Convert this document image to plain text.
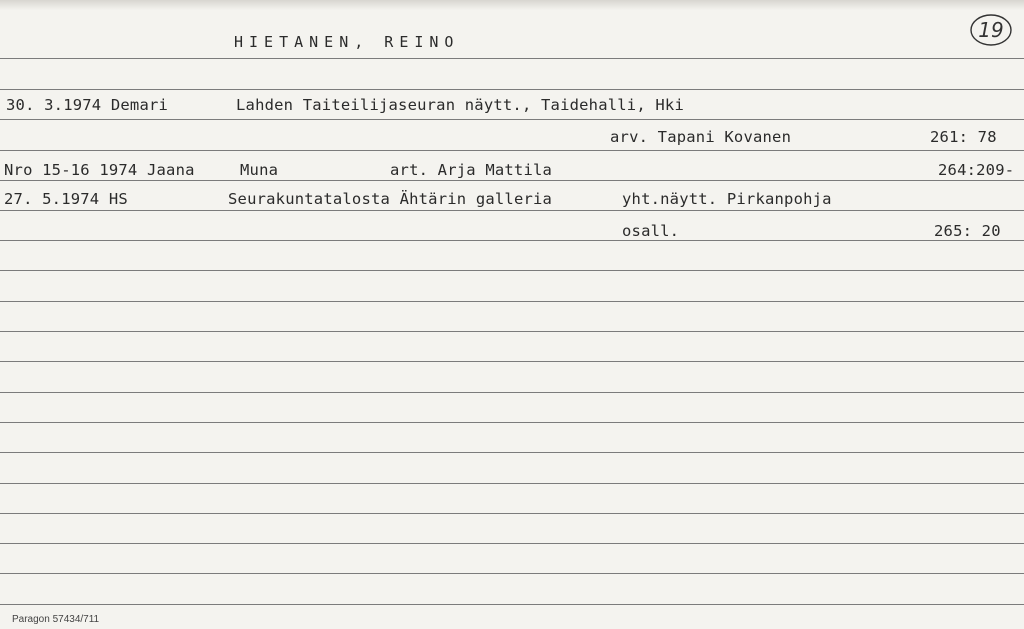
HIETANEN, REINO	19
30. 3.1974 Demari	Lahden Taiteilijaseuran näytt., Taidehalli, Hki
arv. Tapani Kovanen	261: 78
Nro 15-16 1974 Jaana	Muna	art. Arja Mattila	264:209-
27. 5.1974 HS	Seurakuntatalosta Ähtärin galleria	yht.näytt. Pirkanpohja
osall.	265: 20
Paragon 57434/711
